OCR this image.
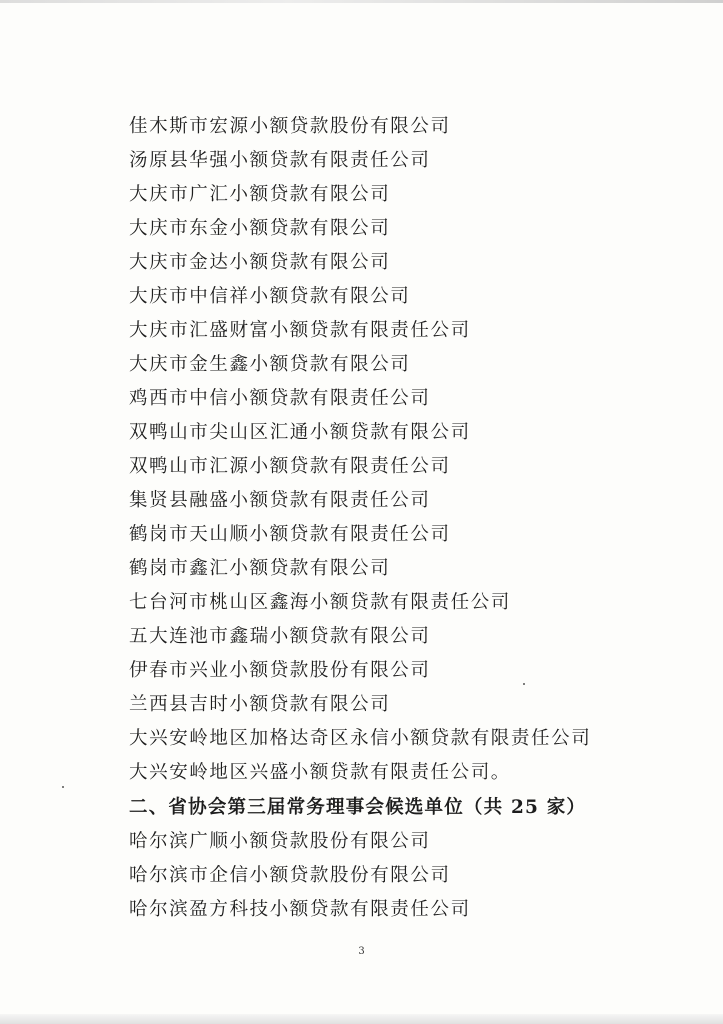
佳木斯市宏源小额贷款股份有限公司
汤原县华强小额贷款有限责任公司
大庆市广汇小额贷款有限公司
大庆市东金小额贷款有限公司
大庆市金达小额贷款有限公司
大庆市中信祥小额贷款有限公司
大庆市汇盛财富小额贷款有限责任公司
大庆市金生鑫小额贷款有限公司
鸡西市中信小额贷款有限责任公司
双鸭山市尖山区汇通小额贷款有限公司
双鸭山市汇源小额贷款有限责任公司
集贤县融盛小额贷款有限责任公司
鹤岗市天山顺小额贷款有限责任公司
鹤岗市鑫汇小额贷款有限公司
七台河市桃山区鑫海小额贷款有限责任公司
五大连池市鑫瑞小额贷款有限公司
伊春市兴业小额贷款股份有限公司
兰西县吉时小额贷款有限公司
大兴安岭地区加格达奇区永信小额贷款有限责任公司
大兴安岭地区兴盛小额贷款有限责任公司。
二、省协会第三届常务理事会候选单位（共 25 家）
哈尔滨广顺小额贷款股份有限公司
哈尔滨市企信小额贷款股份有限公司
哈尔滨盈方科技小额贷款有限责任公司
3
